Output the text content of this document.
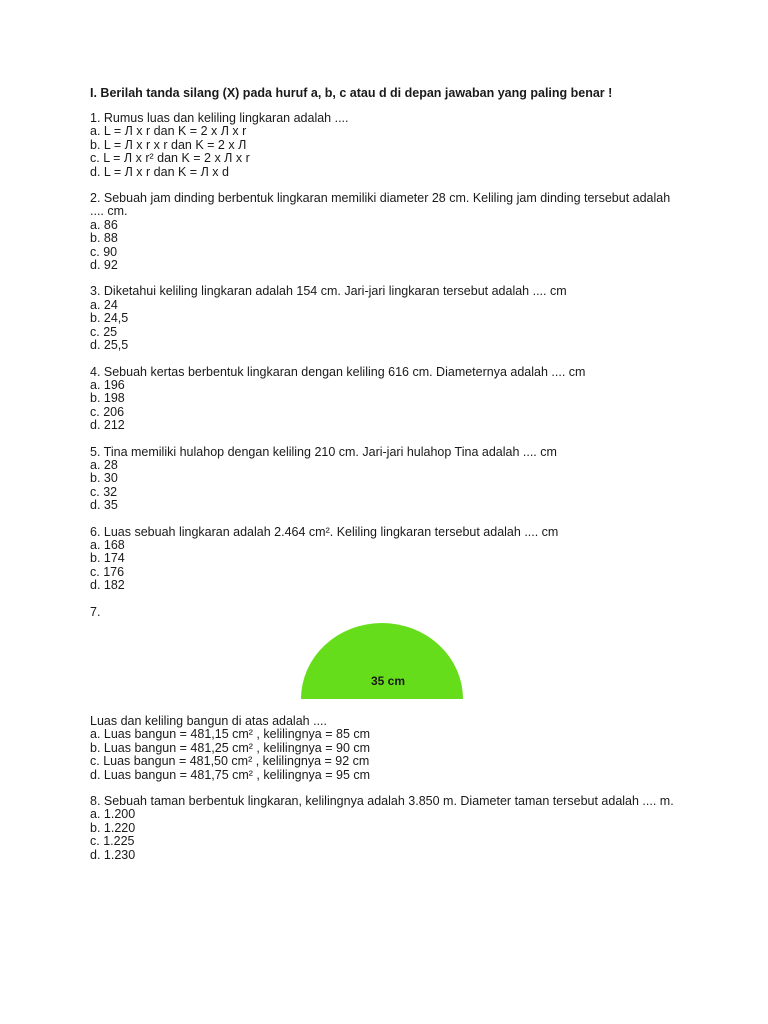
I. Berilah tanda silang (X) pada huruf a, b, c atau d di depan jawaban yang paling benar !
1. Rumus luas dan keliling lingkaran adalah ....
a. L = Л x r dan K = 2 x Л x r
b. L = Л x r x r dan K = 2 x Л
c. L = Л x r² dan K = 2 x Л x r
d. L = Л x r dan K = Л x d
2. Sebuah jam dinding berbentuk lingkaran memiliki diameter 28 cm. Keliling jam dinding tersebut adalah .... cm.
a. 86
b. 88
c. 90
d. 92
3. Diketahui keliling lingkaran adalah 154 cm. Jari-jari lingkaran tersebut adalah .... cm
a. 24
b. 24,5
c. 25
d. 25,5
4. Sebuah kertas berbentuk lingkaran dengan keliling 616 cm. Diameternya adalah .... cm
a. 196
b. 198
c. 206
d. 212
5. Tina memiliki hulahop dengan keliling 210 cm. Jari-jari hulahop Tina adalah .... cm
a. 28
b. 30
c. 32
d. 35
6. Luas sebuah lingkaran adalah 2.464 cm². Keliling lingkaran tersebut adalah .... cm
a. 168
b. 174
c. 176
d. 182
7.
35 cm
Luas dan keliling bangun di atas adalah ....
a. Luas bangun = 481,15 cm² , kelilingnya = 85 cm
b. Luas bangun = 481,25 cm² , kelilingnya = 90 cm
c. Luas bangun = 481,50 cm² , kelilingnya = 92 cm
d. Luas bangun = 481,75 cm² , kelilingnya = 95 cm
8. Sebuah taman berbentuk lingkaran, kelilingnya adalah 3.850 m. Diameter taman tersebut adalah .... m.
a. 1.200
b. 1.220
c. 1.225
d. 1.230
